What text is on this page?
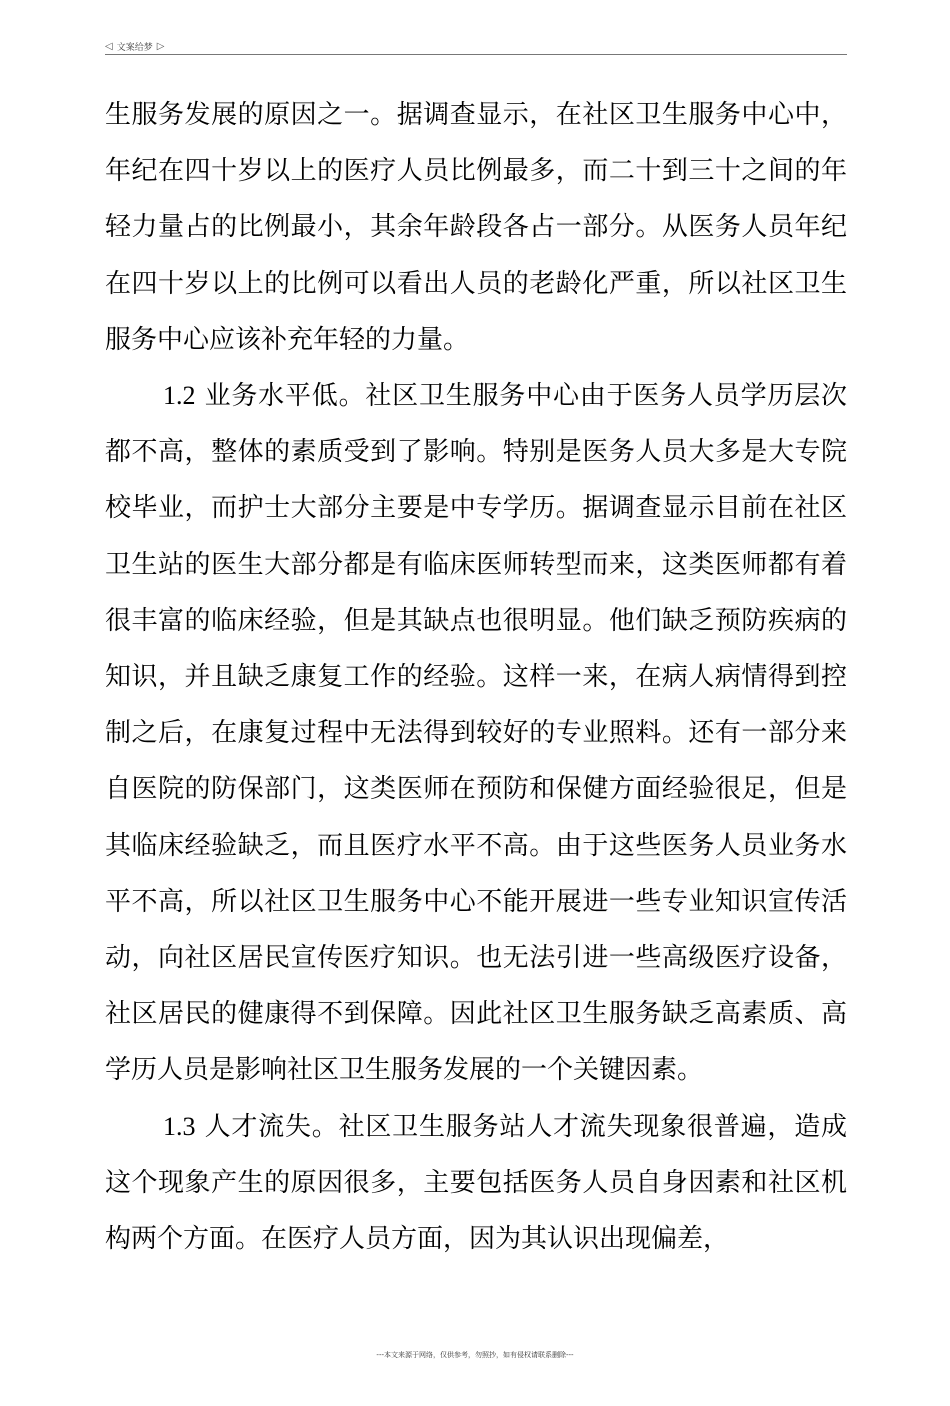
◁ 文案给梦 ▷

生服务发展的原因之一。据调查显示，在社区卫生服务中心中，年纪在四十岁以上的医疗人员比例最多，而二十到三十之间的年轻力量占的比例最小，其余年龄段各占一部分。从医务人员年纪在四十岁以上的比例可以看出人员的老龄化严重，所以社区卫生服务中心应该补充年轻的力量。

1.2 业务水平低。社区卫生服务中心由于医务人员学历层次都不高，整体的素质受到了影响。特别是医务人员大多是大专院校毕业，而护士大部分主要是中专学历。据调查显示目前在社区卫生站的医生大部分都是有临床医师转型而来，这类医师都有着很丰富的临床经验，但是其缺点也很明显。他们缺乏预防疾病的知识，并且缺乏康复工作的经验。这样一来，在病人病情得到控制之后，在康复过程中无法得到较好的专业照料。还有一部分来自医院的防保部门，这类医师在预防和保健方面经验很足，但是其临床经验缺乏，而且医疗水平不高。由于这些医务人员业务水平不高，所以社区卫生服务中心不能开展进一些专业知识宣传活动，向社区居民宣传医疗知识。也无法引进一些高级医疗设备，社区居民的健康得不到保障。因此社区卫生服务缺乏高素质、高学历人员是影响社区卫生服务发展的一个关键因素。

1.3 人才流失。社区卫生服务站人才流失现象很普遍，造成这个现象产生的原因很多，主要包括医务人员自身因素和社区机构两个方面。在医疗人员方面，因为其认识出现偏差，

---本文来源于网络，仅供参考，勿照抄，如有侵权请联系删除---
